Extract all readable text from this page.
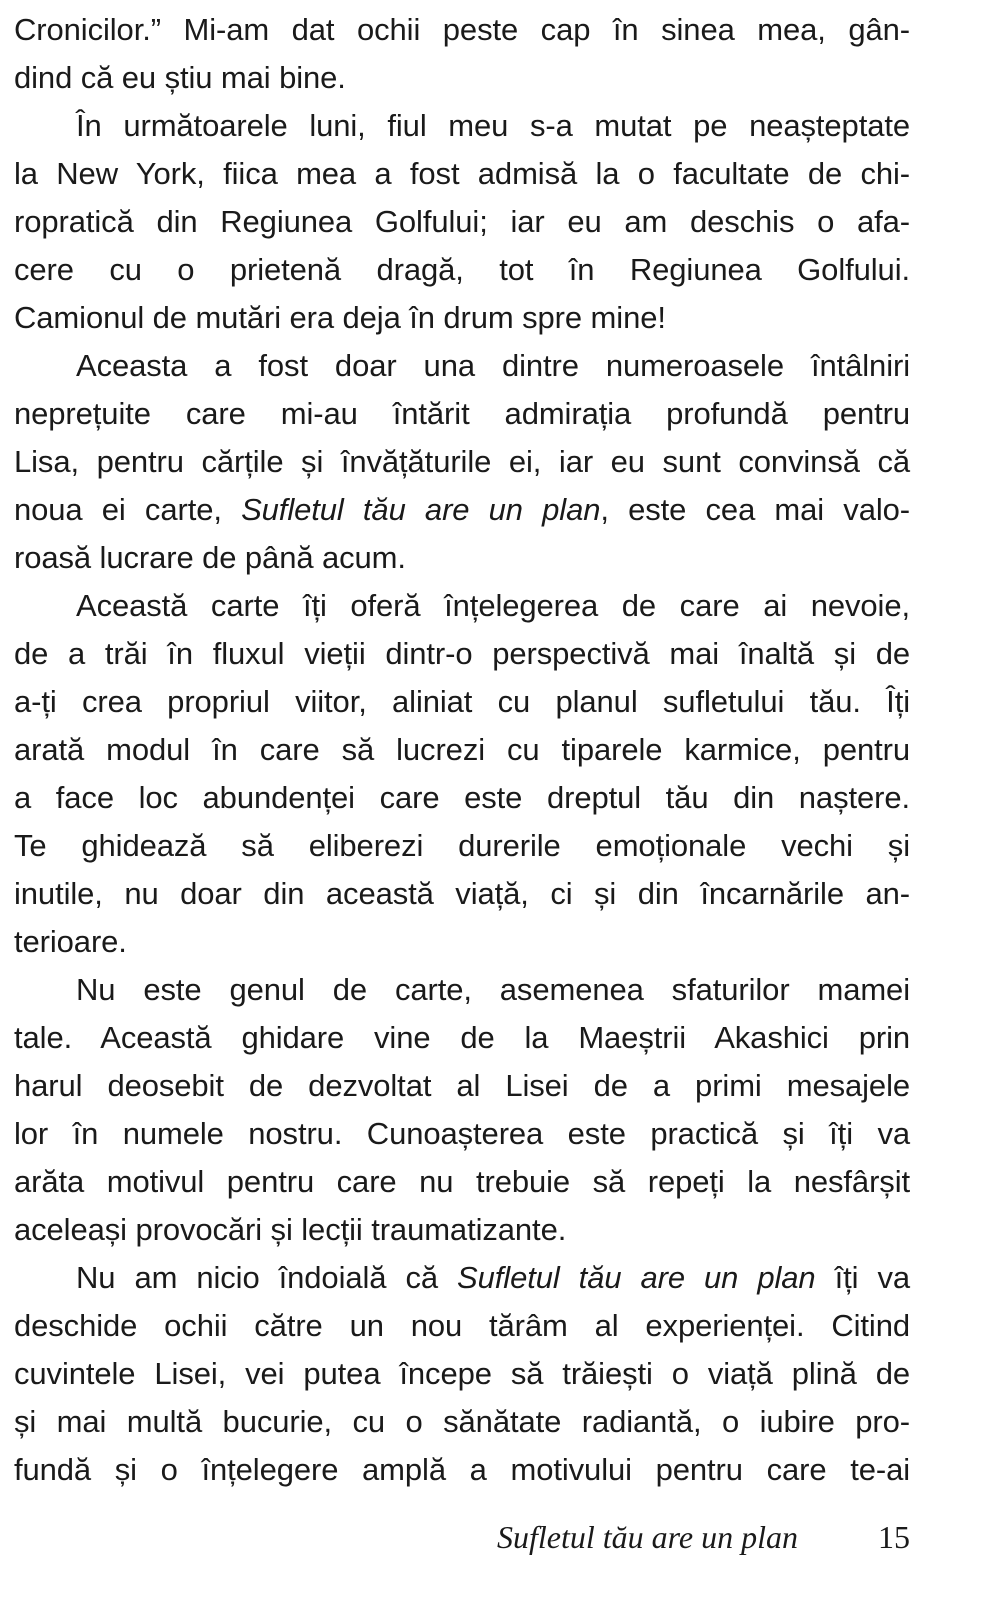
Cronicilor.” Mi-am dat ochii peste cap în sinea mea, gân-
dind că eu știu mai bine.
În următoarele luni, fiul meu s-a mutat pe neașteptate
la New York, fiica mea a fost admisă la o facultate de chi-
ropratică din Regiunea Golfului; iar eu am deschis o afa-
cere cu o prietenă dragă, tot în Regiunea Golfului.
Camionul de mutări era deja în drum spre mine!
Aceasta a fost doar una dintre numeroasele întâlniri
neprețuite care mi-au întărit admirația profundă pentru
Lisa, pentru cărțile și învățăturile ei, iar eu sunt convinsă că
noua ei carte, Sufletul tău are un plan, este cea mai valo-
roasă lucrare de până acum.
Această carte îți oferă înțelegerea de care ai nevoie,
de a trăi în fluxul vieții dintr-o perspectivă mai înaltă și de
a-ți crea propriul viitor, aliniat cu planul sufletului tău. Îți
arată modul în care să lucrezi cu tiparele karmice, pentru
a face loc abundenței care este dreptul tău din naștere.
Te ghidează să eliberezi durerile emoționale vechi și
inutile, nu doar din această viață, ci și din încarnările an-
terioare.
Nu este genul de carte, asemenea sfaturilor mamei
tale. Această ghidare vine de la Maeștrii Akashici prin
harul deosebit de dezvoltat al Lisei de a primi mesajele
lor în numele nostru. Cunoașterea este practică și îți va
arăta motivul pentru care nu trebuie să repeți la nesfârșit
aceleași provocări și lecții traumatizante.
Nu am nicio îndoială că Sufletul tău are un plan îți va
deschide ochii către un nou tărâm al experienței. Citind
cuvintele Lisei, vei putea începe să trăiești o viață plină de
și mai multă bucurie, cu o sănătate radiantă, o iubire pro-
fundă și o înțelegere amplă a motivului pentru care te-ai
Sufletul tău are un plan	15
